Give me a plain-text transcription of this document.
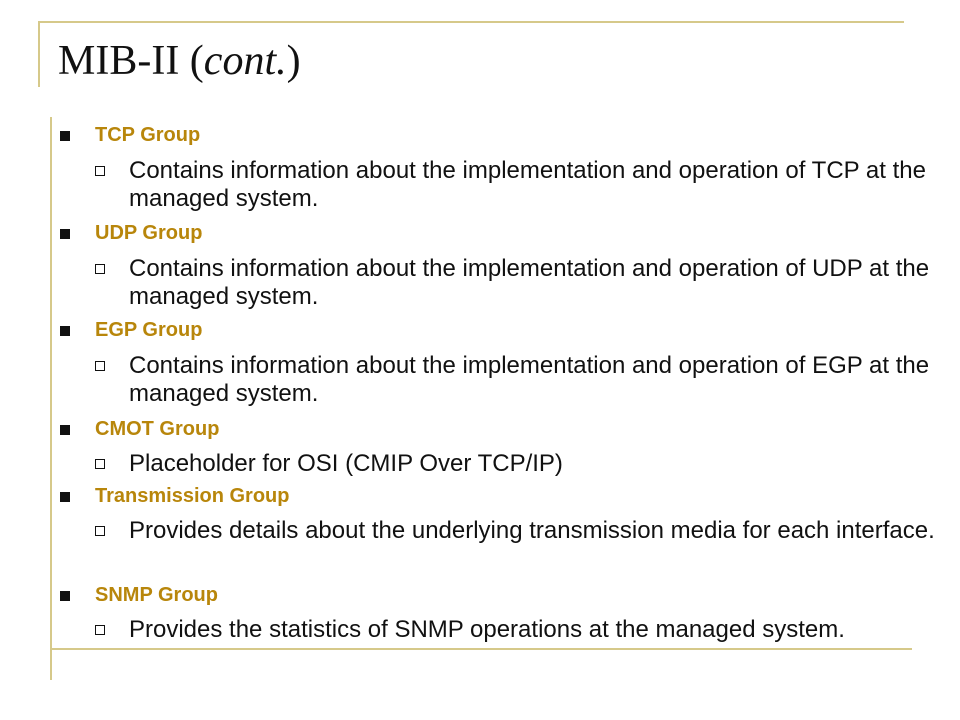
MIB-II (cont.)
TCP Group
Contains information about the implementation and operation of TCP at the managed system.
UDP Group
Contains information about the implementation and operation of UDP at the managed system.
EGP Group
Contains information about the implementation and operation of EGP at the managed system.
CMOT Group
Placeholder for OSI (CMIP Over TCP/IP)
Transmission Group
Provides details about the underlying transmission media for each interface.
SNMP Group
Provides the statistics of SNMP operations at the managed system.
